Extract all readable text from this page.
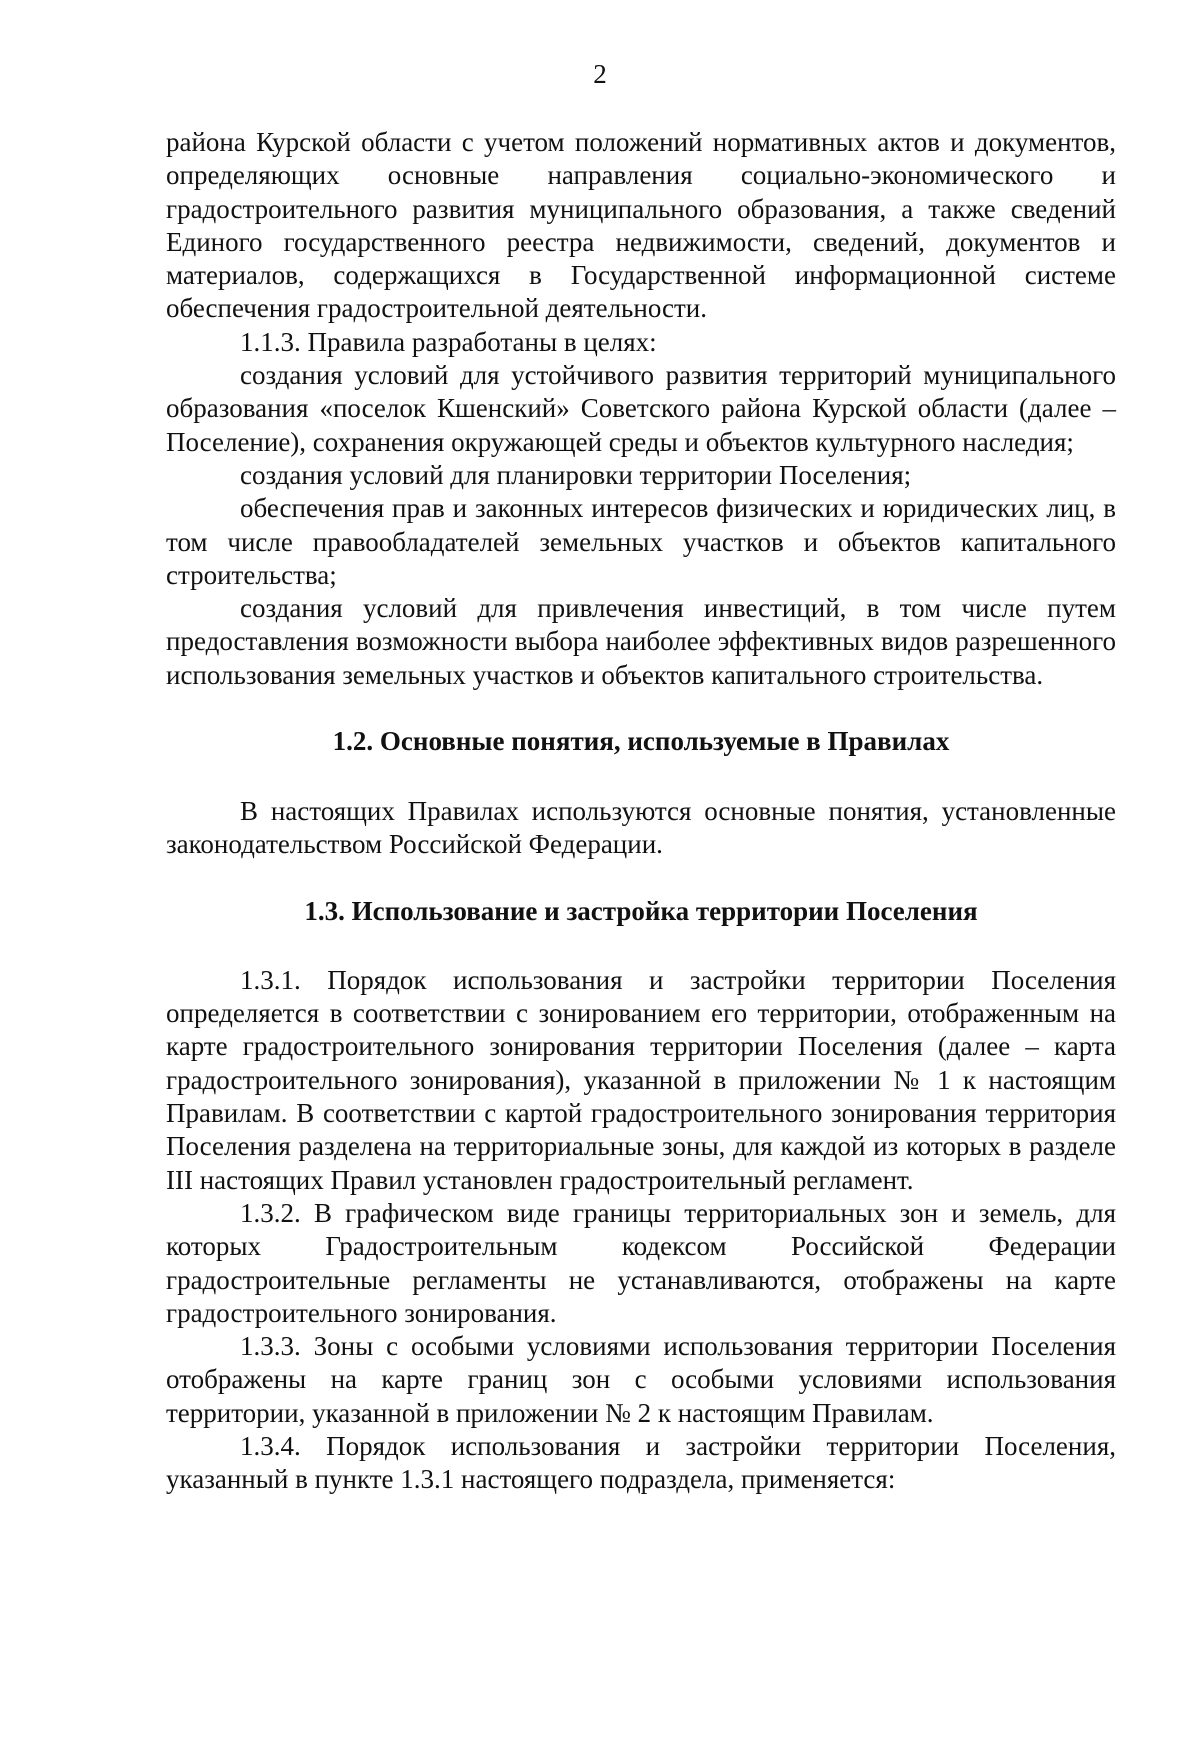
2

района Курской области с учетом положений нормативных актов и документов, определяющих основные направления социально-экономического и градостроительного развития муниципального образования, а также сведений Единого государственного реестра недвижимости, сведений, документов и материалов, содержащихся в Государственной информационной системе обеспечения градостроительной деятельности.

1.1.3. Правила разработаны в целях:

создания условий для устойчивого развития территорий муниципального образования «поселок Кшенский» Советского района Курской области (далее – Поселение), сохранения окружающей среды и объектов культурного наследия;

создания условий для планировки территории Поселения;

обеспечения прав и законных интересов физических и юридических лиц, в том числе правообладателей земельных участков и объектов капитального строительства;

создания условий для привлечения инвестиций, в том числе путем предоставления возможности выбора наиболее эффективных видов разрешенного использования земельных участков и объектов капитального строительства.

1.2. Основные понятия, используемые в Правилах

В настоящих Правилах используются основные понятия, установленные законодательством Российской Федерации.

1.3. Использование и застройка территории Поселения

1.3.1. Порядок использования и застройки территории Поселения определяется в соответствии с зонированием его территории, отображенным на карте градостроительного зонирования территории Поселения (далее – карта градостроительного зонирования), указанной в приложении № 1 к настоящим Правилам. В соответствии с картой градостроительного зонирования территория Поселения разделена на территориальные зоны, для каждой из которых в разделе III настоящих Правил установлен градостроительный регламент.

1.3.2. В графическом виде границы территориальных зон и земель, для которых Градостроительным кодексом Российской Федерации градостроительные регламенты не устанавливаются, отображены на карте градостроительного зонирования.

1.3.3. Зоны с особыми условиями использования территории Поселения отображены на карте границ зон с особыми условиями использования территории, указанной в приложении № 2 к настоящим Правилам.

1.3.4. Порядок использования и застройки территории Поселения, указанный в пункте 1.3.1 настоящего подраздела, применяется:
